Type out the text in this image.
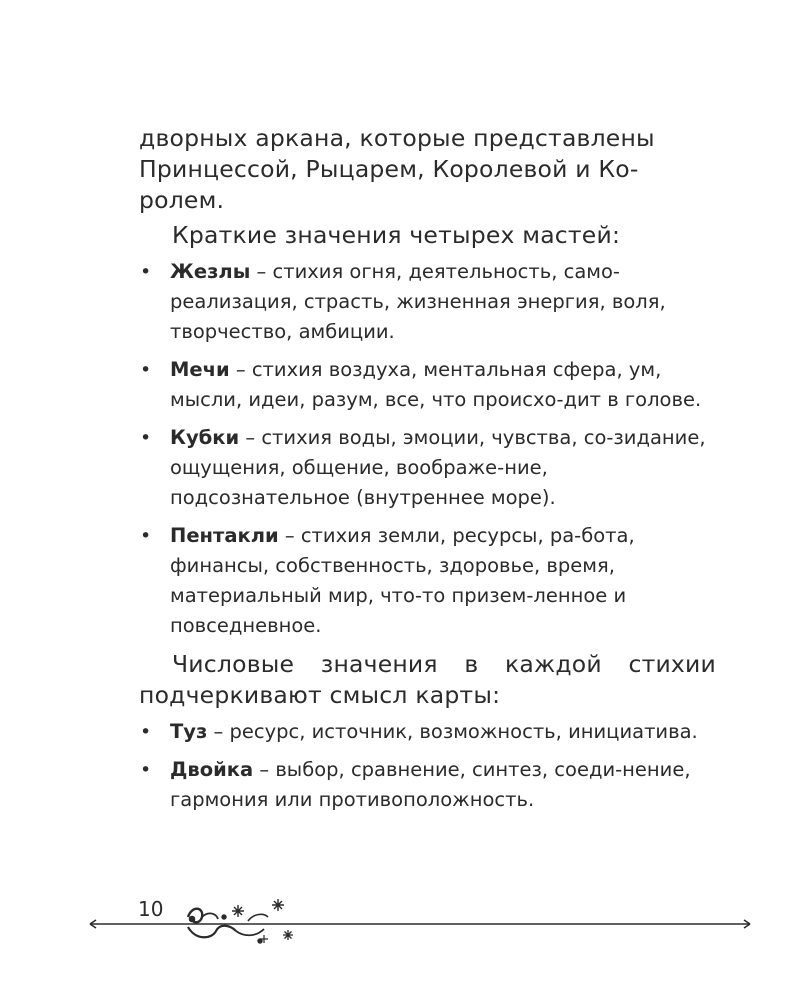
дворных аркана, которые представлены Принцессой, Рыцарем, Королевой и Ко-ролем.

Краткие значения четырех мастей:

• Жезлы – стихия огня, деятельность, само-реализация, страсть, жизненная энергия, воля, творчество, амбиции.
• Мечи – стихия воздуха, ментальная сфера, ум, мысли, идеи, разум, все, что происхо-дит в голове.
• Кубки – стихия воды, эмоции, чувства, со-зидание, ощущения, общение, воображе-ние, подсознательное (внутреннее море).
• Пентакли – стихия земли, ресурсы, ра-бота, финансы, собственность, здоровье, время, материальный мир, что-то призем-ленное и повседневное.

Числовые значения в каждой стихии подчеркивают смысл карты:

• Туз – ресурс, источник, возможность, инициатива.
• Двойка – выбор, сравнение, синтез, соеди-нение, гармония или противоположность.
10
